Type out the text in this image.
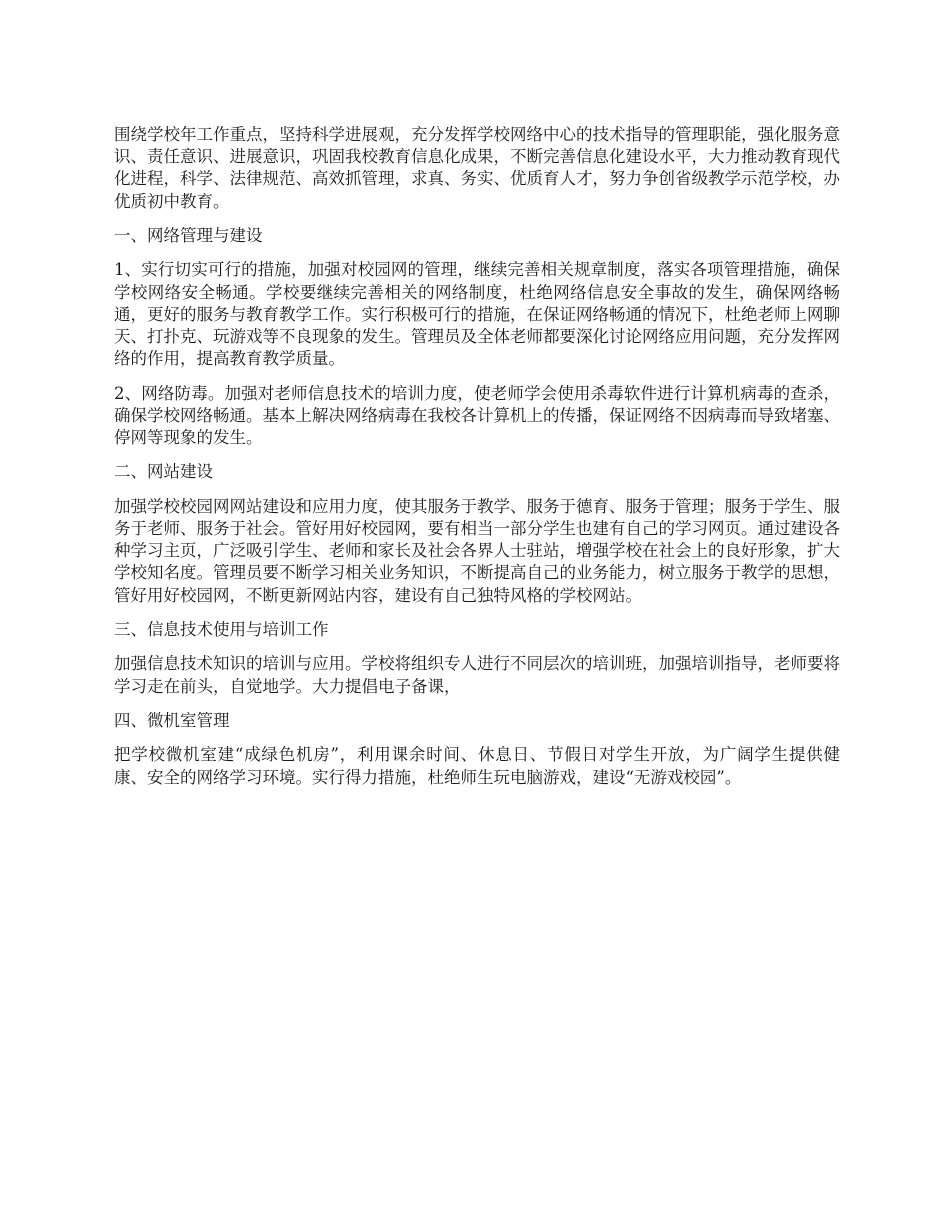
围绕学校年工作重点，坚持科学进展观，充分发挥学校网络中心的技术指导的管理职能，强化服务意识、责任意识、进展意识，巩固我校教育信息化成果，不断完善信息化建设水平，大力推动教育现代化进程，科学、法律规范、高效抓管理，求真、务实、优质育人才，努力争创省级教学示范学校，办优质初中教育。

一、网络管理与建设

1、实行切实可行的措施，加强对校园网的管理，继续完善相关规章制度，落实各项管理措施，确保学校网络安全畅通。学校要继续完善相关的网络制度，杜绝网络信息安全事故的发生，确保网络畅通，更好的服务与教育教学工作。实行积极可行的措施，在保证网络畅通的情况下，杜绝老师上网聊天、打扑克、玩游戏等不良现象的发生。管理员及全体老师都要深化讨论网络应用问题，充分发挥网络的作用，提高教育教学质量。

2、网络防毒。加强对老师信息技术的培训力度，使老师学会使用杀毒软件进行计算机病毒的查杀，确保学校网络畅通。基本上解决网络病毒在我校各计算机上的传播，保证网络不因病毒而导致堵塞、停网等现象的发生。

二、网站建设

加强学校校园网网站建设和应用力度，使其服务于教学、服务于德育、服务于管理；服务于学生、服务于老师、服务于社会。管好用好校园网，要有相当一部分学生也建有自己的学习网页。通过建设各种学习主页，广泛吸引学生、老师和家长及社会各界人士驻站，增强学校在社会上的良好形象，扩大学校知名度。管理员要不断学习相关业务知识，不断提高自己的业务能力，树立服务于教学的思想，管好用好校园网，不断更新网站内容，建设有自己独特风格的学校网站。

三、信息技术使用与培训工作

加强信息技术知识的培训与应用。学校将组织专人进行不同层次的培训班，加强培训指导，老师要将学习走在前头，自觉地学。大力提倡电子备课，

四、微机室管理

把学校微机室建“成绿色机房”，利用课余时间、休息日、节假日对学生开放，为广阔学生提供健康、安全的网络学习环境。实行得力措施，杜绝师生玩电脑游戏，建设“无游戏校园”。
